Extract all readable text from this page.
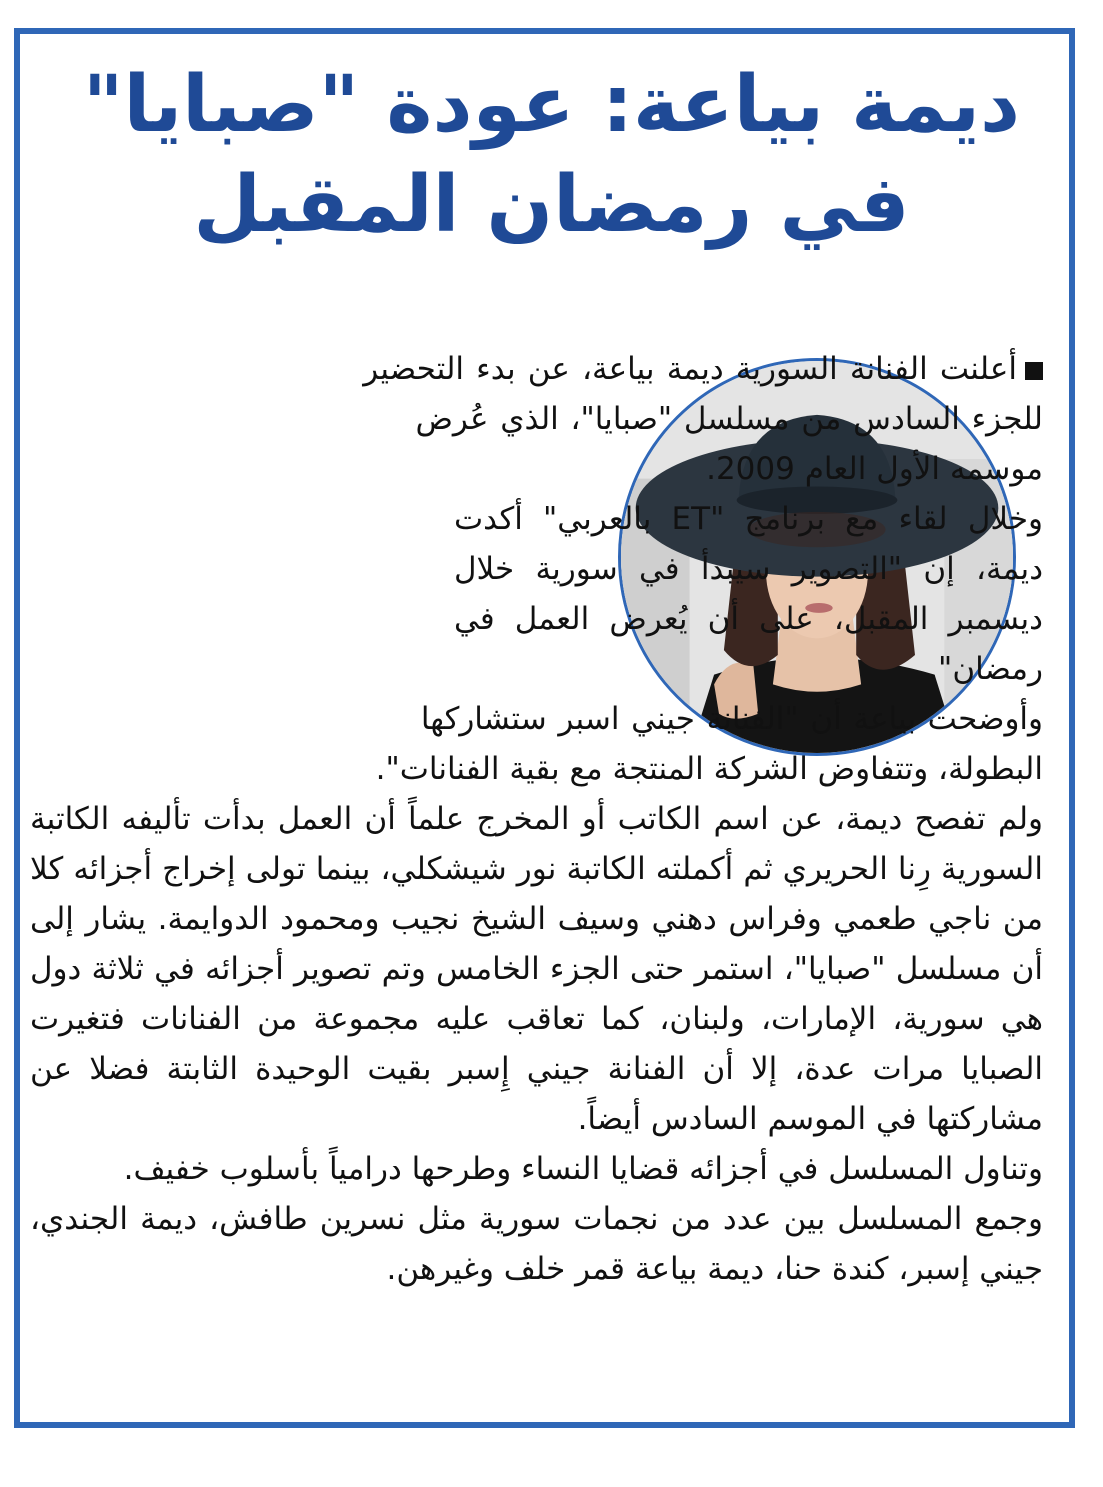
ديمة بياعة: عودة "صبايا"
في رمضان المقبل

أعلنت الفنانة السورية ديمة بياعة، عن بدء التحضير للجزء السادس من مسلسل "صبايا"، الذي عُرض موسمه الأول العام 2009.

وخلال لقاء مع برنامج "ET بالعربي" أكدت ديمة، إن "التصوير سيبدأ في سورية خلال ديسمبر المقبل، على أن يُعرض العمل في رمضان".

وأوضحت بياعة أن "الفنانة جيني اسبر ستشاركها البطولة، وتتفاوض الشركة المنتجة مع بقية الفنانات".

ولم تفصح ديمة، عن اسم الكاتب أو المخرج علماً أن العمل بدأت تأليفه الكاتبة السورية رِنا الحريري ثم أكملته الكاتبة نور شيشكلي، بينما تولى إخراج أجزائه كلا من ناجي طعمي وفراس دهني وسيف الشيخ نجيب ومحمود الدوايمة. يشار إلى أن مسلسل "صبايا"، استمر حتى الجزء الخامس وتم تصوير أجزائه في ثلاثة دول هي سورية، الإمارات، ولبنان، كما تعاقب عليه مجموعة من الفنانات فتغيرت الصبايا مرات عدة، إلا أن الفنانة جيني إِسبر بقيت الوحيدة الثابتة فضلا عن مشاركتها في الموسم السادس أيضاً.

وتناول المسلسل في أجزائه قضايا النساء وطرحها درامياً بأسلوب خفيف.

وجمع المسلسل بين عدد من نجمات سورية مثل نسرين طافش، ديمة الجندي، جيني إسبر، كندة حنا، ديمة بياعة قمر خلف وغيرهن.
